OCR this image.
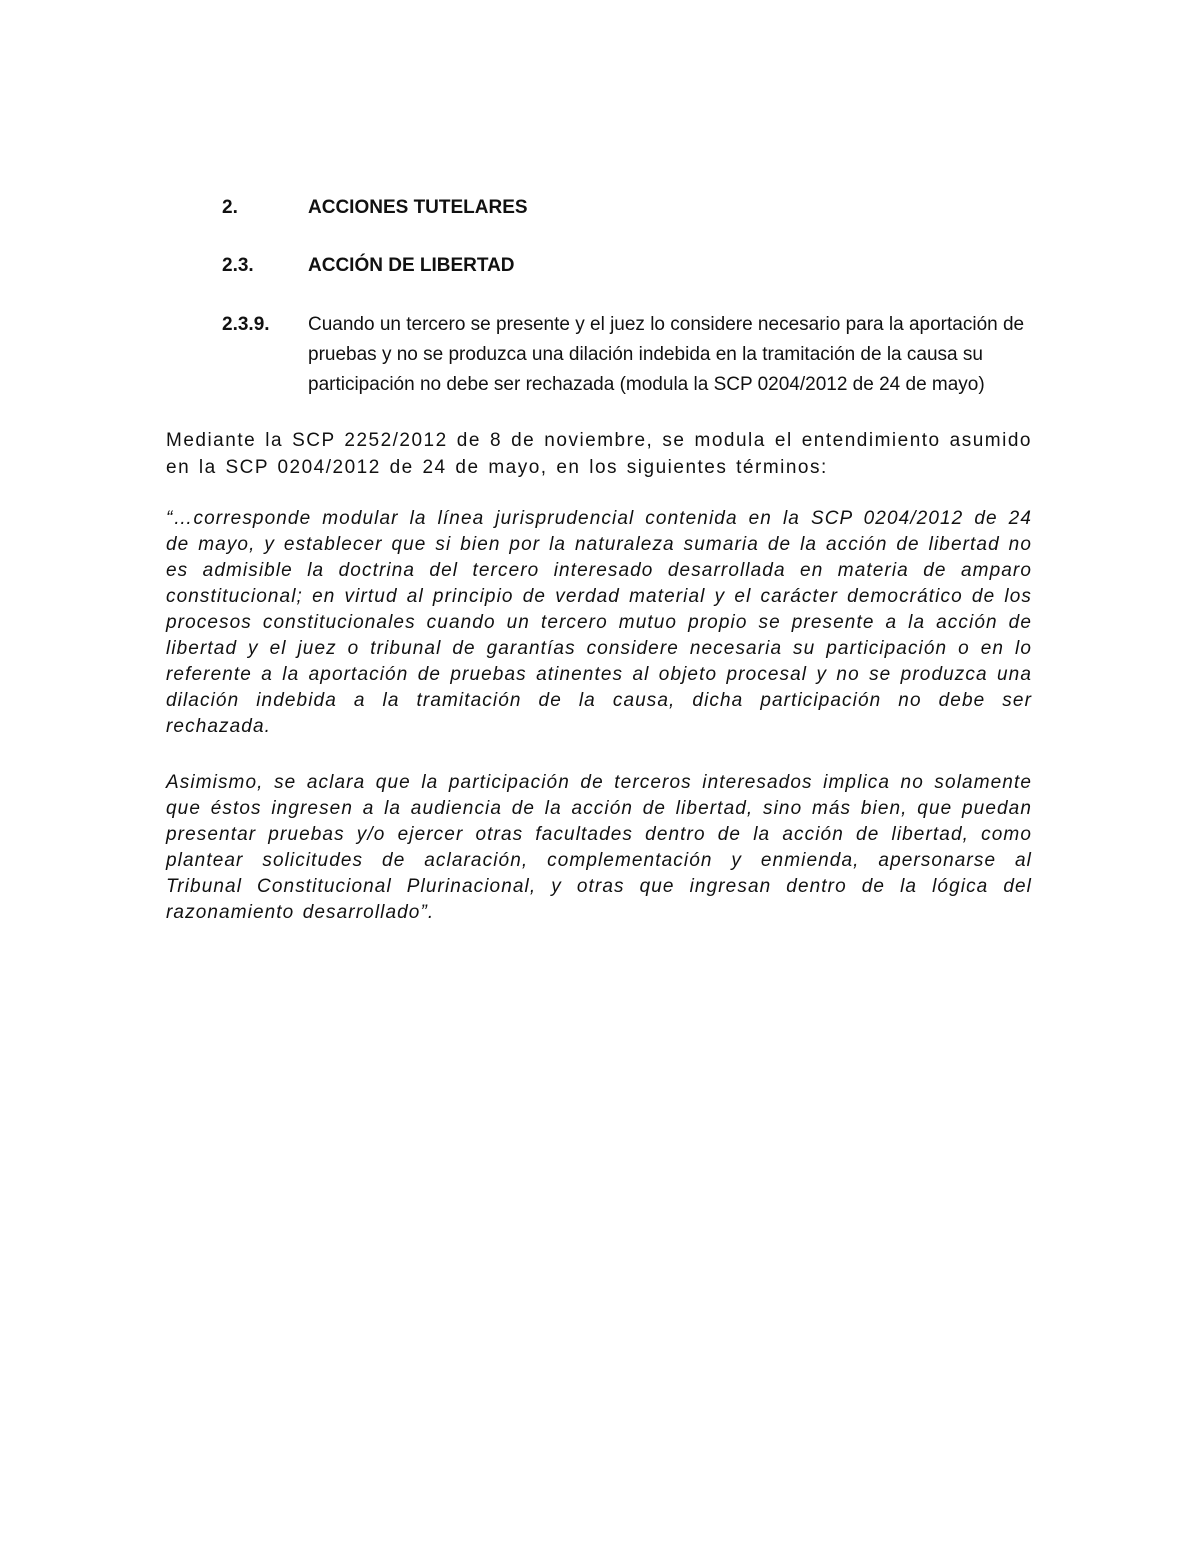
2.	ACCIONES TUTELARES
2.3.	ACCIÓN DE LIBERTAD
2.3.9.	Cuando un tercero se presente y el juez lo considere necesario para la aportación de pruebas y no se produzca una dilación indebida en la tramitación de la causa su participación no debe ser rechazada (modula la SCP 0204/2012 de 24 de mayo)

Mediante la SCP 2252/2012 de 8 de noviembre, se modula el entendimiento asumido en la SCP 0204/2012 de 24 de mayo, en los siguientes términos:

“…corresponde modular la línea jurisprudencial contenida en la SCP 0204/2012 de 24 de mayo, y establecer que si bien por la naturaleza sumaria de la acción de libertad no es admisible la doctrina del tercero interesado desarrollada en materia de amparo constitucional; en virtud al principio de verdad material y el carácter democrático de los procesos constitucionales cuando un tercero mutuo propio se presente a la acción de libertad y el juez o tribunal de garantías considere necesaria su participación o en lo referente a la aportación de pruebas atinentes al objeto procesal y no se produzca una dilación indebida a la tramitación de la causa, dicha participación no debe ser rechazada.

Asimismo, se aclara que la participación de terceros interesados implica no solamente que éstos ingresen a la audiencia de la acción de libertad, sino más bien, que puedan presentar pruebas y/o ejercer otras facultades dentro de la acción de libertad, como plantear solicitudes de aclaración, complementación y enmienda, apersonarse al Tribunal Constitucional Plurinacional, y otras que ingresan dentro de la lógica del razonamiento desarrollado”.
